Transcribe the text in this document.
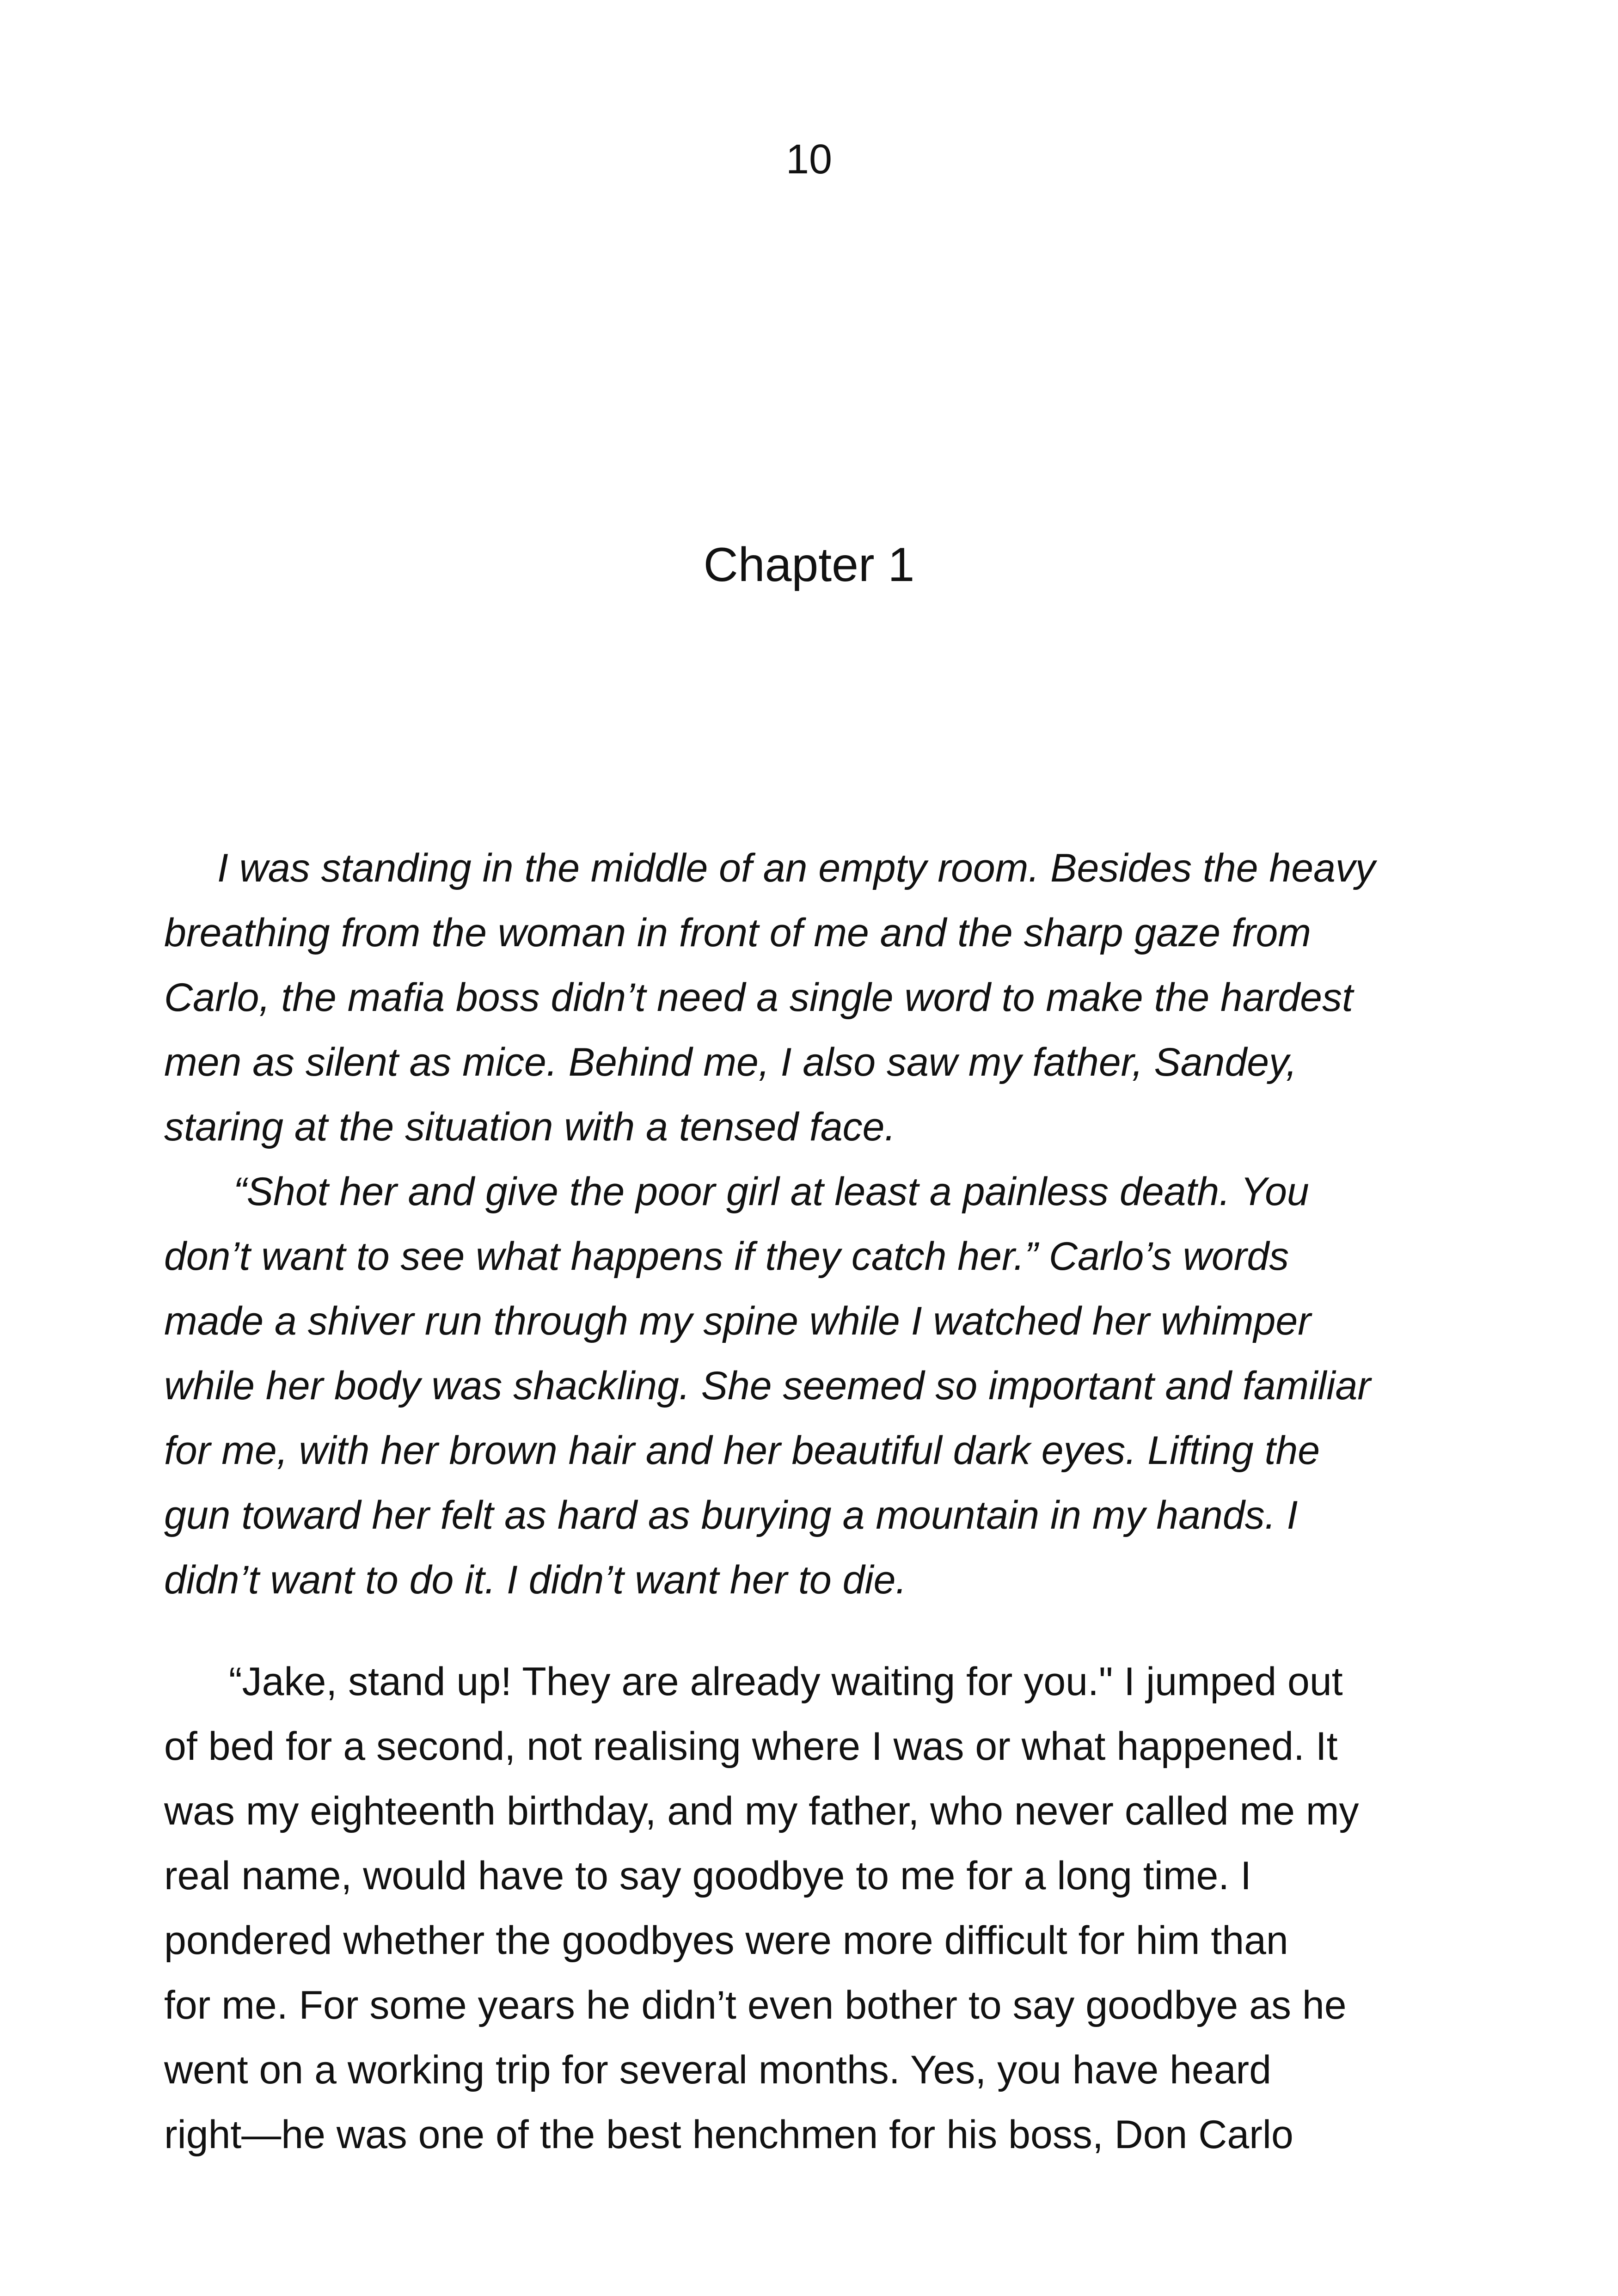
10
Chapter 1
I was standing in the middle of an empty room. Besides the heavy
breathing from the woman in front of me and the sharp gaze from
Carlo, the mafia boss didn’t need a single word to make the hardest
men as silent as mice. Behind me, I also saw my father, Sandey,
staring at the situation with a tensed face.
“Shot her and give the poor girl at least a painless death. You
don’t want to see what happens if they catch her.” Carlo’s words
made a shiver run through my spine while I watched her whimper
while her body was shackling. She seemed so important and familiar
for me, with her brown hair and her beautiful dark eyes. Lifting the
gun toward her felt as hard as burying a mountain in my hands. I
didn’t want to do it. I didn’t want her to die.
“Jake, stand up! They are already waiting for you." I jumped out
of bed for a second, not realising where I was or what happened. It
was my eighteenth birthday, and my father, who never called me my
real name, would have to say goodbye to me for a long time. I
pondered whether the goodbyes were more difficult for him than
for me. For some years he didn’t even bother to say goodbye as he
went on a working trip for several months. Yes, you have heard
right—he was one of the best henchmen for his boss, Don Carlo
